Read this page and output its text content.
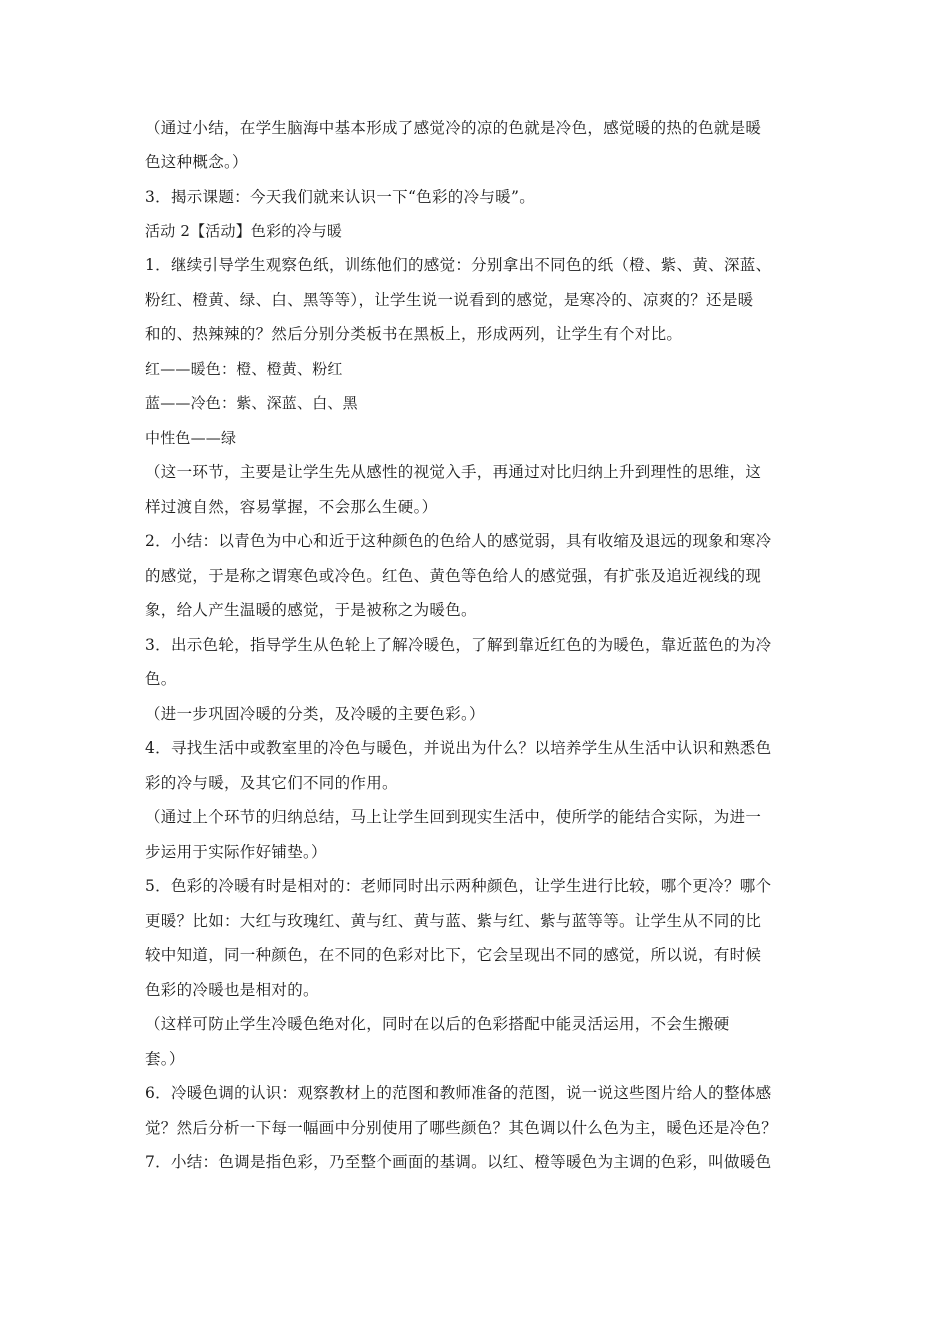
（通过小结，在学生脑海中基本形成了感觉冷的凉的色就是冷色，感觉暖的热的色就是暖
色这种概念。）
3．揭示课题：今天我们就来认识一下“色彩的冷与暖”。
活动 2【活动】色彩的冷与暖
1．继续引导学生观察色纸，训练他们的感觉：分别拿出不同色的纸（橙、紫、黄、深蓝、
粉红、橙黄、绿、白、黑等等），让学生说一说看到的感觉，是寒冷的、凉爽的？还是暖
和的、热辣辣的？然后分别分类板书在黑板上，形成两列，让学生有个对比。
红——暖色：橙、橙黄、粉红
蓝——冷色：紫、深蓝、白、黑
中性色——绿
（这一环节，主要是让学生先从感性的视觉入手，再通过对比归纳上升到理性的思维，这
样过渡自然，容易掌握，不会那么生硬。）
2．小结：以青色为中心和近于这种颜色的色给人的感觉弱，具有收缩及退远的现象和寒冷
的感觉，于是称之谓寒色或冷色。红色、黄色等色给人的感觉强，有扩张及追近视线的现
象，给人产生温暖的感觉，于是被称之为暖色。
3．出示色轮，指导学生从色轮上了解冷暖色，了解到靠近红色的为暖色，靠近蓝色的为冷
色。
（进一步巩固冷暖的分类，及冷暖的主要色彩。）
4．寻找生活中或教室里的冷色与暖色，并说出为什么？以培养学生从生活中认识和熟悉色
彩的冷与暖，及其它们不同的作用。
（通过上个环节的归纳总结，马上让学生回到现实生活中，使所学的能结合实际，为进一
步运用于实际作好铺垫。）
5．色彩的冷暖有时是相对的：老师同时出示两种颜色，让学生进行比较，哪个更冷？哪个
更暖？比如：大红与玫瑰红、黄与红、黄与蓝、紫与红、紫与蓝等等。让学生从不同的比
较中知道，同一种颜色，在不同的色彩对比下，它会呈现出不同的感觉，所以说，有时候
色彩的冷暖也是相对的。
（这样可防止学生冷暖色绝对化，同时在以后的色彩搭配中能灵活运用，不会生搬硬
套。）
6．冷暖色调的认识：观察教材上的范图和教师准备的范图，说一说这些图片给人的整体感
觉？然后分析一下每一幅画中分别使用了哪些颜色？其色调以什么色为主，暖色还是冷色？
7．小结：色调是指色彩，乃至整个画面的基调。以红、橙等暖色为主调的色彩，叫做暖色
